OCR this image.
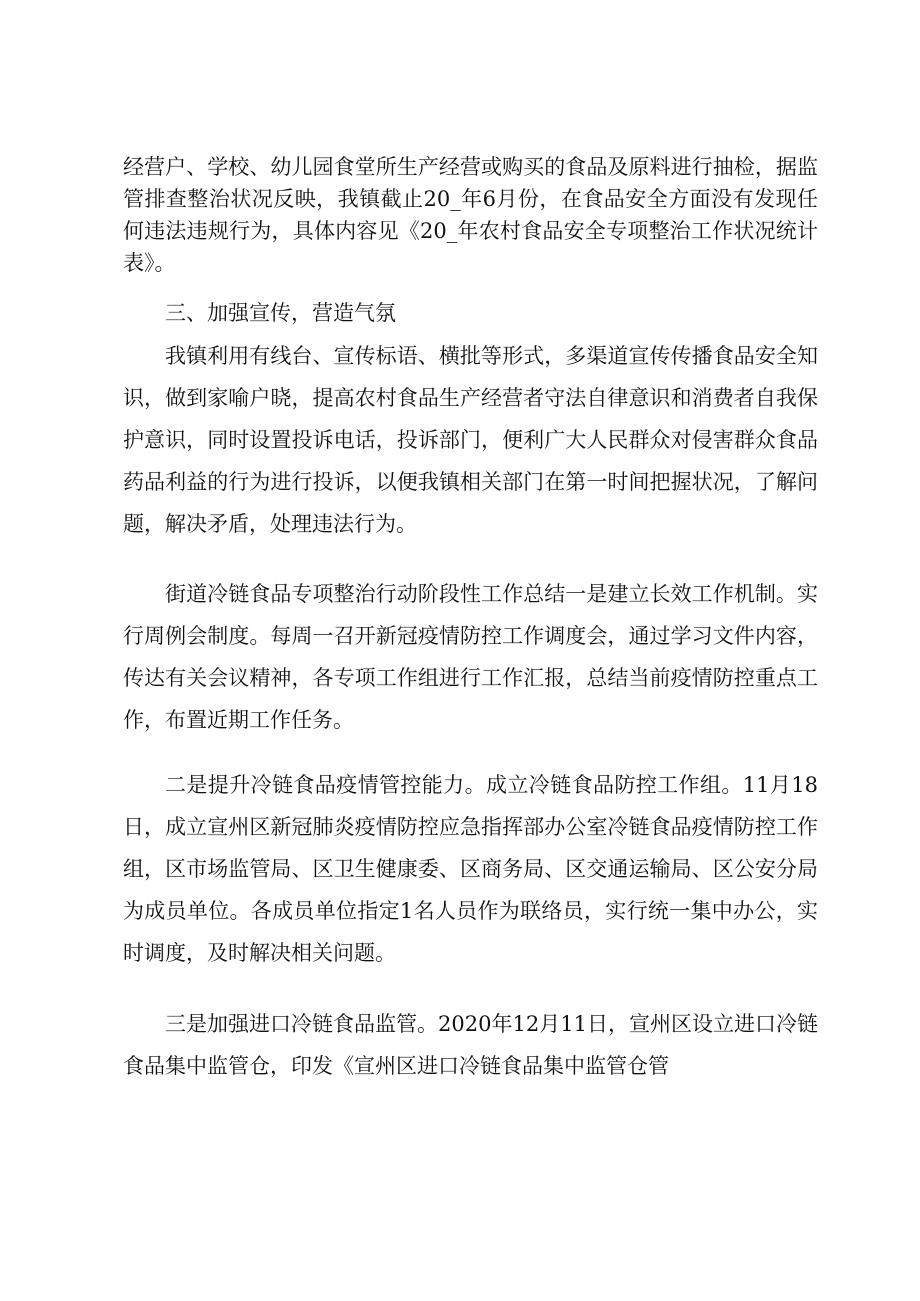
经营户、学校、幼儿园食堂所生产经营或购买的食品及原料进行抽检，据监管排查整治状况反映，我镇截止20_年6月份，在食品安全方面没有发现任何违法违规行为，具体内容见《20_年农村食品安全专项整治工作状况统计表》。

三、加强宣传，营造气氛

我镇利用有线台、宣传标语、横批等形式，多渠道宣传传播食品安全知识，做到家喻户晓，提高农村食品生产经营者守法自律意识和消费者自我保护意识，同时设置投诉电话，投诉部门，便利广大人民群众对侵害群众食品药品利益的行为进行投诉，以便我镇相关部门在第一时间把握状况，了解问题，解决矛盾，处理违法行为。

街道冷链食品专项整治行动阶段性工作总结一是建立长效工作机制。实行周例会制度。每周一召开新冠疫情防控工作调度会，通过学习文件内容，传达有关会议精神，各专项工作组进行工作汇报，总结当前疫情防控重点工作，布置近期工作任务。

二是提升冷链食品疫情管控能力。成立冷链食品防控工作组。11月18日，成立宣州区新冠肺炎疫情防控应急指挥部办公室冷链食品疫情防控工作组，区市场监管局、区卫生健康委、区商务局、区交通运输局、区公安分局为成员单位。各成员单位指定1名人员作为联络员，实行统一集中办公，实时调度，及时解决相关问题。

三是加强进口冷链食品监管。2020年12月11日，宣州区设立进口冷链食品集中监管仓，印发《宣州区进口冷链食品集中监管仓管
